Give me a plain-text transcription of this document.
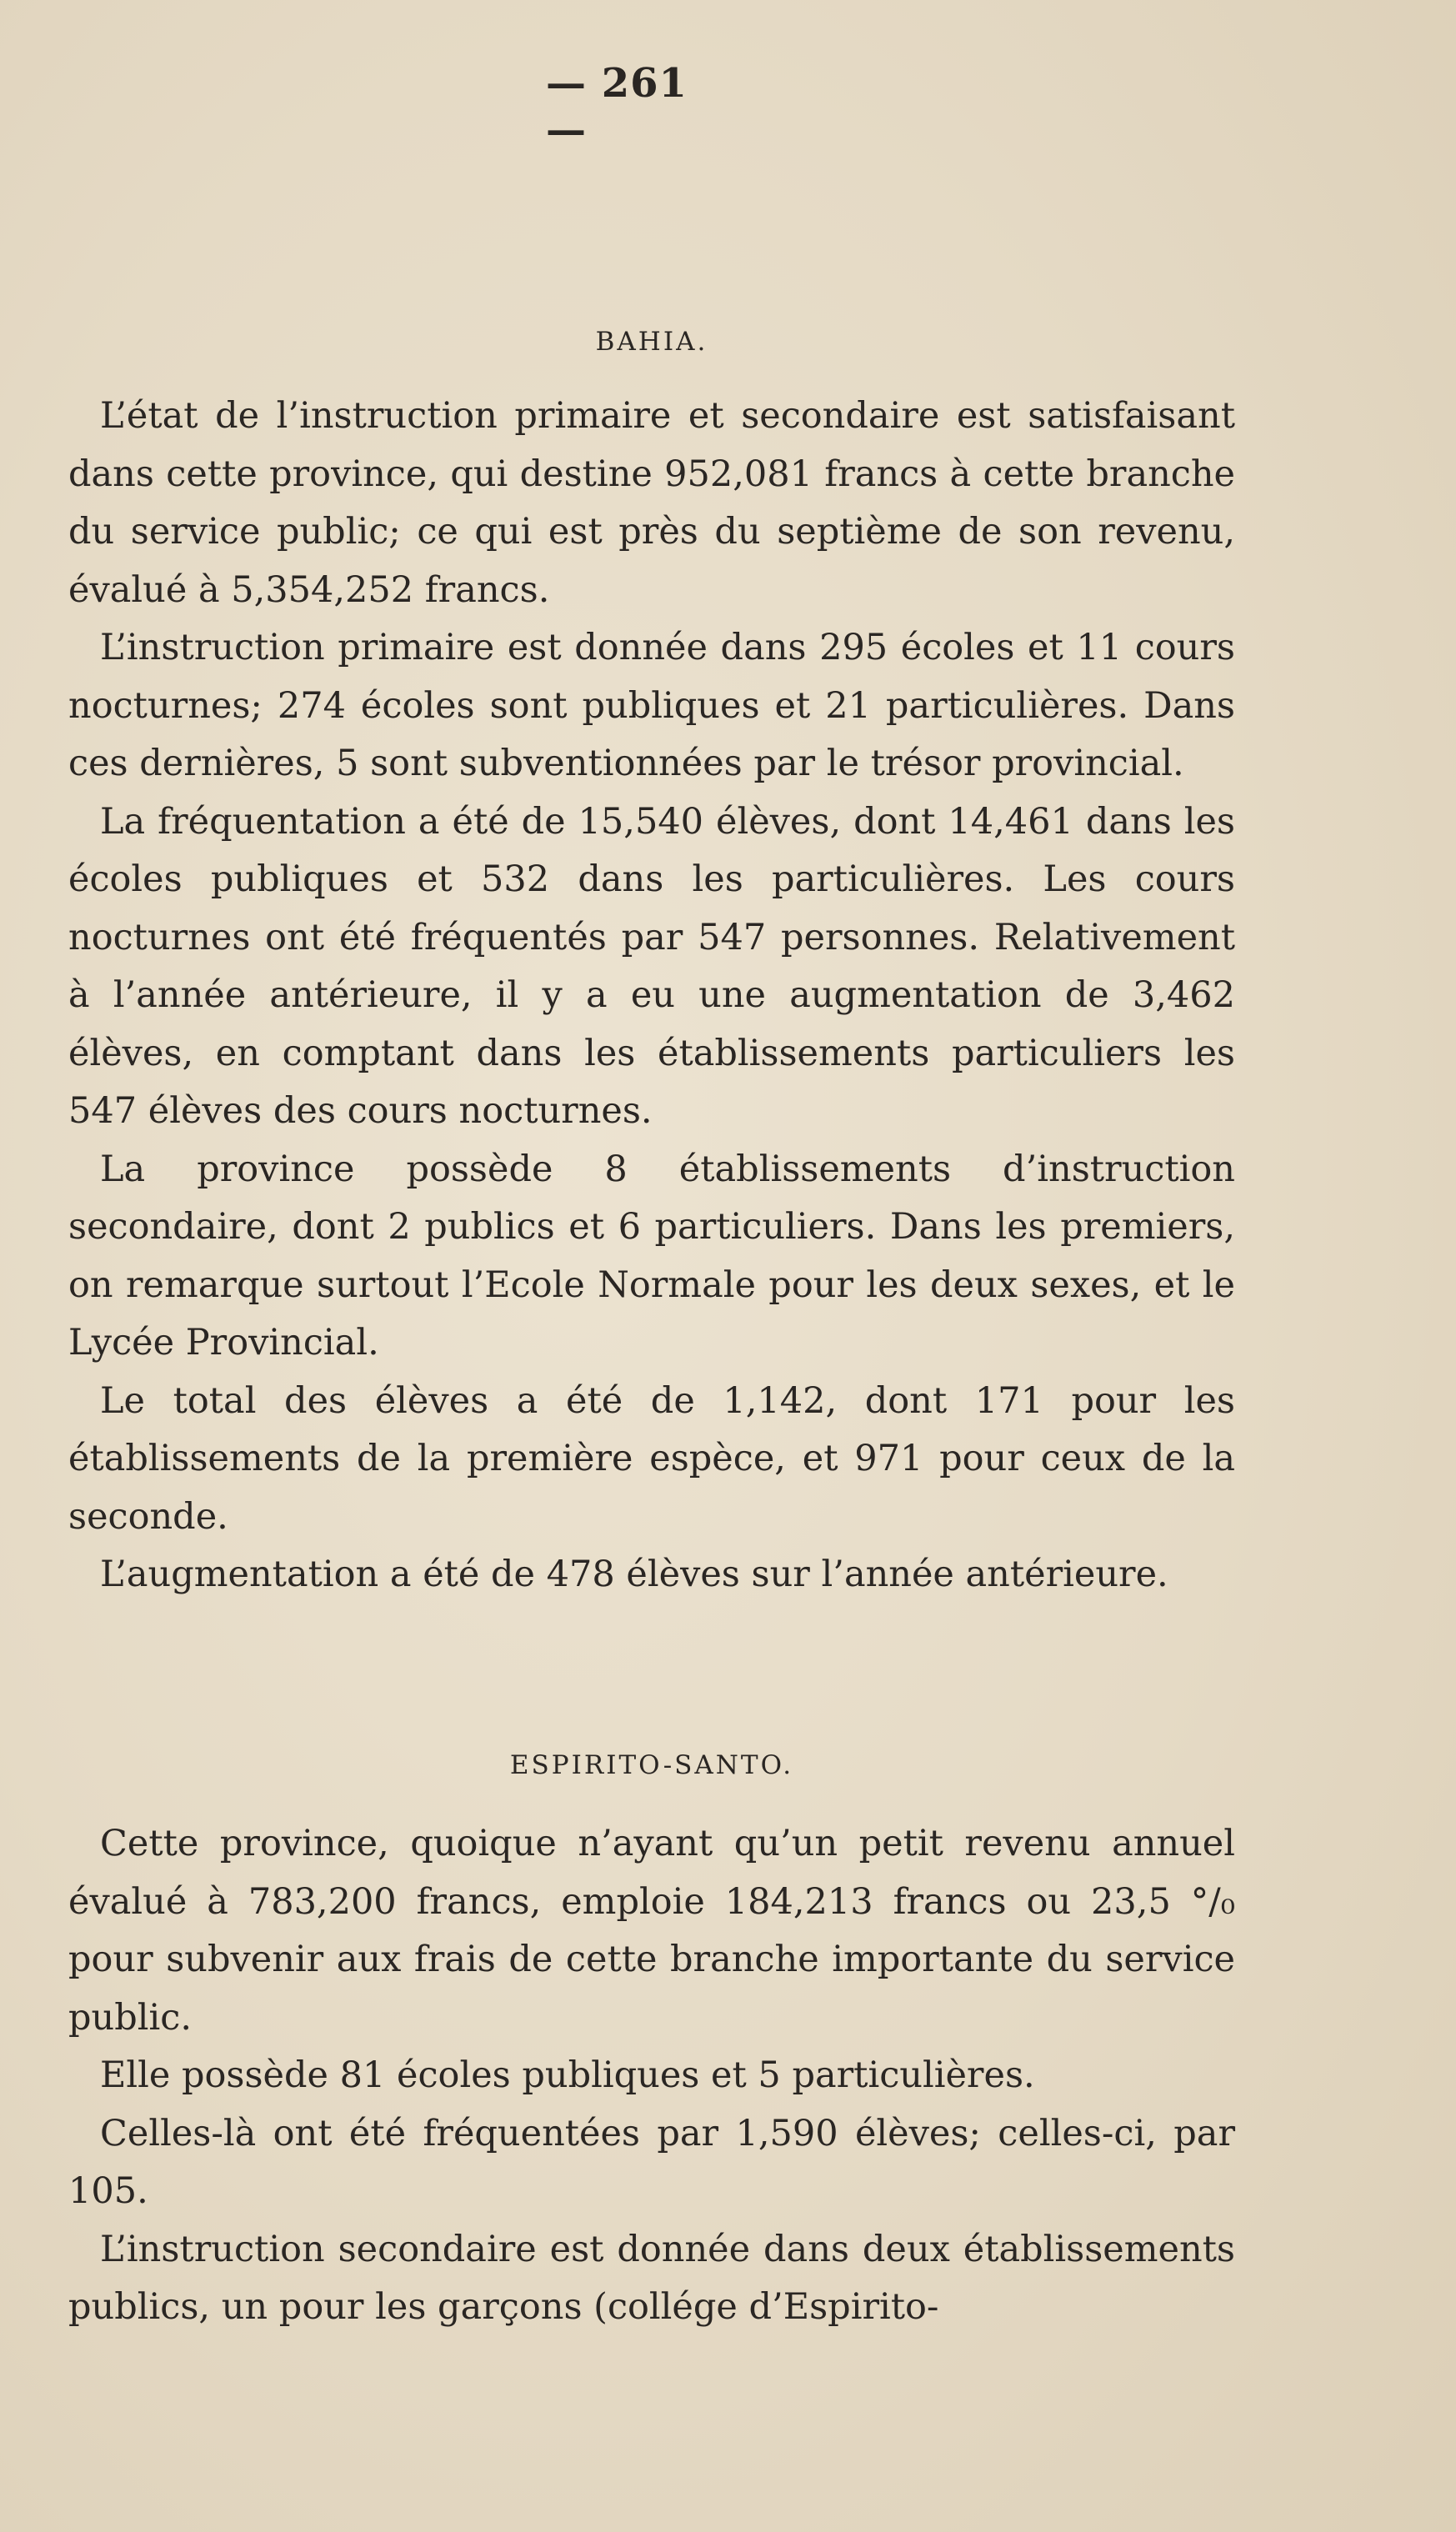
— 261 —
BAHIA.

L’état de l’instruction primaire et secondaire est satisfaisant dans cette province, qui destine 952,081 francs à cette branche du service public; ce qui est près du septième de son revenu, évalué à 5,354,252 francs.

L’instruction primaire est donnée dans 295 écoles et 11 cours nocturnes; 274 écoles sont publiques et 21 particulières. Dans ces dernières, 5 sont subventionnées par le trésor provincial.

La fréquentation a été de 15,540 élèves, dont 14,461 dans les écoles publiques et 532 dans les particulières. Les cours nocturnes ont été fréquentés par 547 personnes. Relativement à l’année antérieure, il y a eu une augmentation de 3,462 élèves, en comptant dans les établissements particuliers les 547 élèves des cours nocturnes.

La province possède 8 établissements d’instruction secondaire, dont 2 publics et 6 particuliers. Dans les premiers, on remarque surtout l’Ecole Normale pour les deux sexes, et le Lycée Provincial.

Le total des élèves a été de 1,142, dont 171 pour les établissements de la première espèce, et 971 pour ceux de la seconde.

L’augmentation a été de 478 élèves sur l’année antérieure.

ESPIRITO-SANTO.

Cette province, quoique n’ayant qu’un petit revenu annuel évalué à 783,200 francs, emploie 184,213 francs ou 23,5 °/₀ pour subvenir aux frais de cette branche importante du service public.

Elle possède 81 écoles publiques et 5 particulières.

Celles-là ont été fréquentées par 1,590 élèves; celles-ci, par 105.

L’instruction secondaire est donnée dans deux établissements publics, un pour les garçons (collége d’Espirito-
